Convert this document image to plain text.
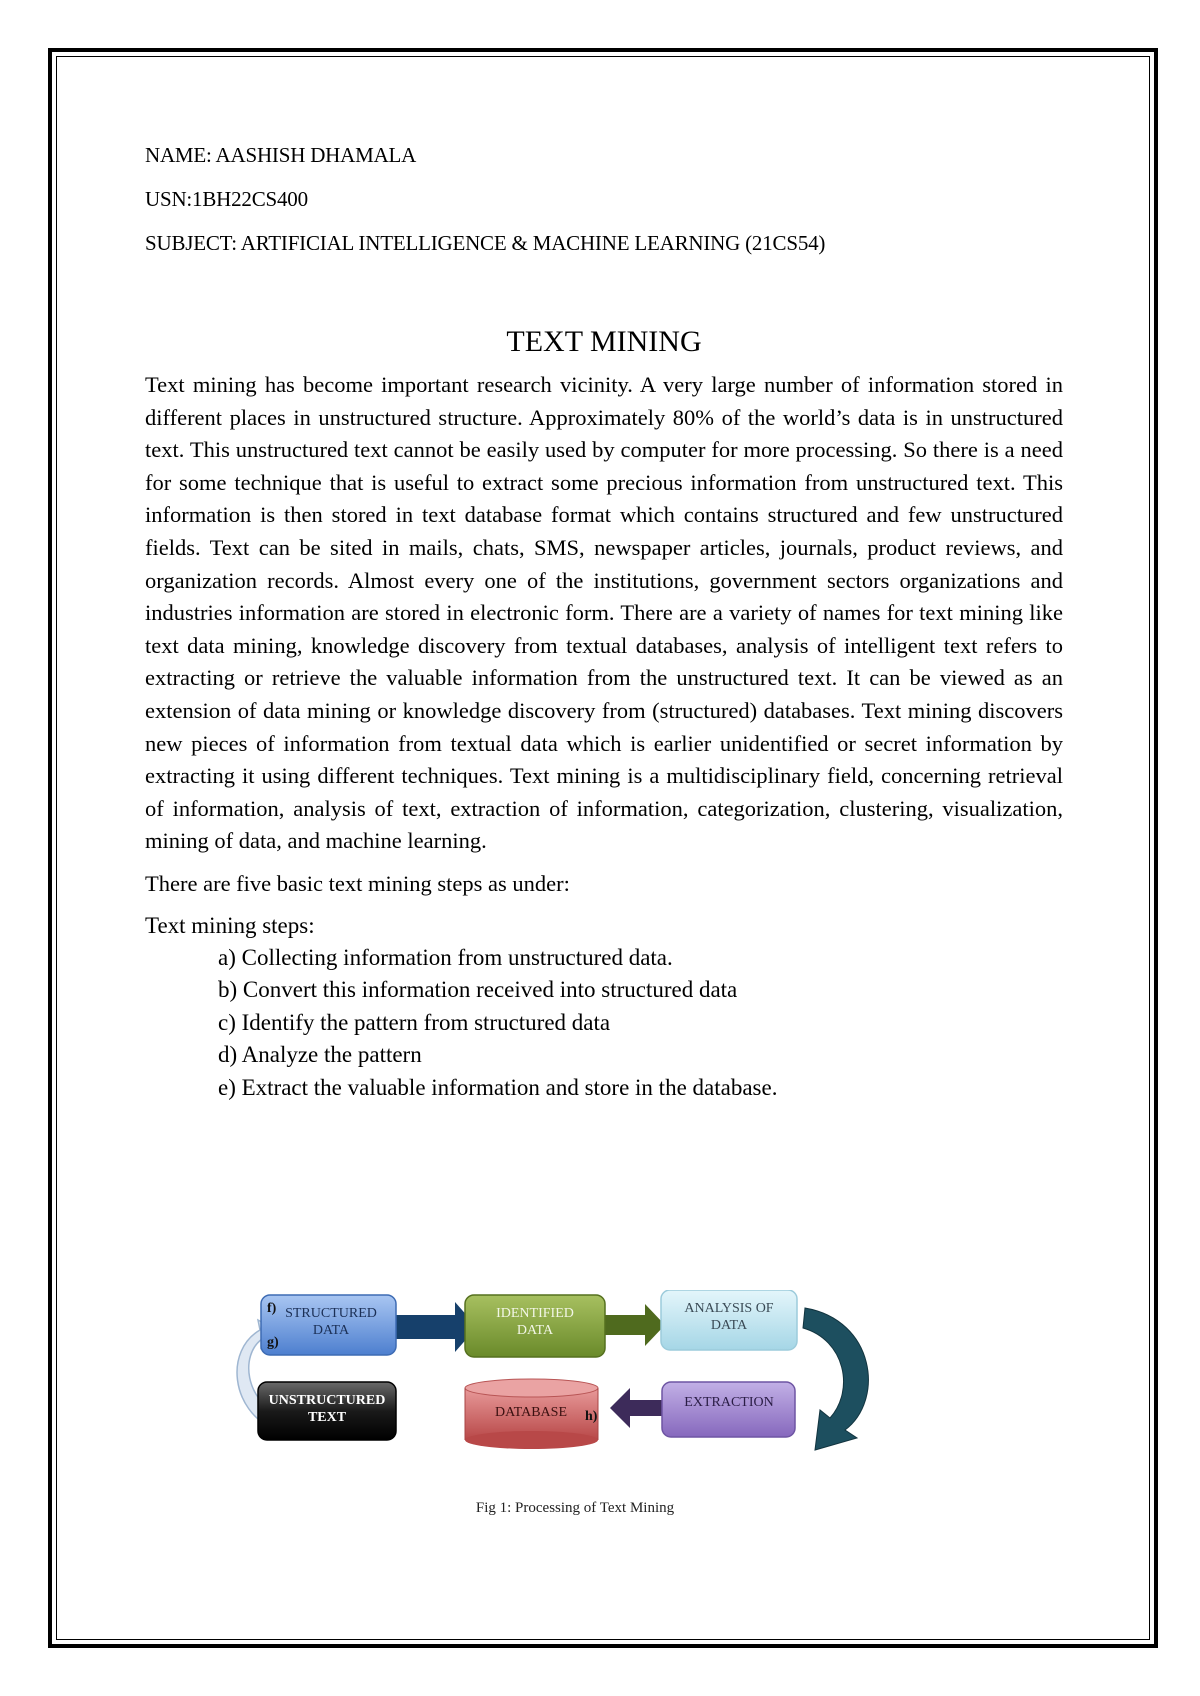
NAME: AASHISH DHAMALA

USN:1BH22CS400

SUBJECT: ARTIFICIAL INTELLIGENCE & MACHINE LEARNING (21CS54)

TEXT MINING

Text mining has become important research vicinity. A very large number of information stored in different places in unstructured structure. Approximately 80% of the world’s data is in unstructured text. This unstructured text cannot be easily used by computer for more processing. So there is a need for some technique that is useful to extract some precious information from unstructured text. This information is then stored in text database format which contains structured and few unstructured fields. Text can be sited in mails, chats, SMS, newspaper articles, journals, product reviews, and organization records. Almost every one of the institutions, government sectors organizations and industries information are stored in electronic form. There are a variety of names for text mining like text data mining, knowledge discovery from textual databases, analysis of intelligent text refers to extracting or retrieve the valuable information from the unstructured text. It can be viewed as an extension of data mining or knowledge discovery from (structured) databases. Text mining discovers new pieces of information from textual data which is earlier unidentified or secret information by extracting it using different techniques. Text mining is a multidisciplinary field, concerning retrieval of information, analysis of text, extraction of information, categorization, clustering, visualization, mining of data, and machine learning.

There are five basic text mining steps as under:

Text mining steps:

a) Collecting information from unstructured data.
b) Convert this information received into structured data
c) Identify the pattern from structured data
d) Analyze the pattern
e) Extract the valuable information and store in the database.
STRUCTURED
DATA
IDENTIFIED
DATA
ANALYSIS OF
DATA
UNSTRUCTURED
TEXT	DATABASE
EXTRACTION
f)
g)
h)
Fig 1: Processing of Text Mining
